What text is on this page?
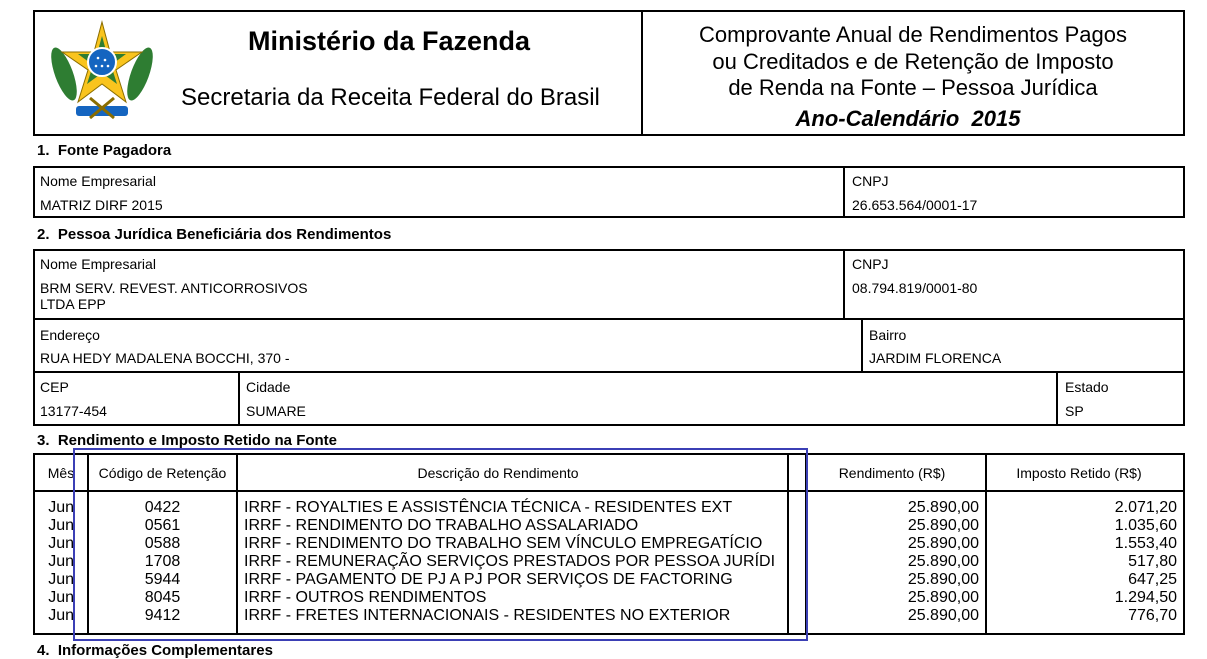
Ministério da Fazenda
Secretaria da Receita Federal do Brasil
Comprovante Anual de Rendimentos Pagos
ou Creditados e de Retenção de Imposto
de Renda na Fonte – Pessoa Jurídica
Ano-Calendário  2015
1.  Fonte Pagadora
Nome Empresarial
MATRIZ DIRF 2015
CNPJ
26.653.564/0001-17
2.  Pessoa Jurídica Beneficiária dos Rendimentos
Nome Empresarial
BRM SERV. REVEST. ANTICORROSIVOS
LTDA EPP
CNPJ
08.794.819/0001-80
Endereço
RUA HEDY MADALENA BOCCHI, 370 -
Bairro
JARDIM FLORENCA
CEP
13177-454
Cidade
SUMARE
Estado
SP
3.  Rendimento e Imposto Retido na Fonte
Mês	Código de Retenção	Descrição do Rendimento	Rendimento (R$)	Imposto Retido (R$)
Jun	0422	IRRF - ROYALTIES E ASSISTÊNCIA TÉCNICA - RESIDENTES EXT	25.890,00	2.071,20
Jun	0561	IRRF - RENDIMENTO DO TRABALHO ASSALARIADO	25.890,00	1.035,60
Jun	0588	IRRF - RENDIMENTO DO TRABALHO SEM VÍNCULO EMPREGATÍCIO	25.890,00	1.553,40
Jun	1708	IRRF - REMUNERAÇÃO SERVIÇOS PRESTADOS POR PESSOA JURÍDI	25.890,00	517,80
Jun	5944	IRRF - PAGAMENTO DE PJ A PJ POR SERVIÇOS DE FACTORING	25.890,00	647,25
Jun	8045	IRRF - OUTROS RENDIMENTOS	25.890,00	1.294,50
Jun	9412	IRRF - FRETES INTERNACIONAIS - RESIDENTES NO EXTERIOR	25.890,00	776,70
4.  Informações Complementares
